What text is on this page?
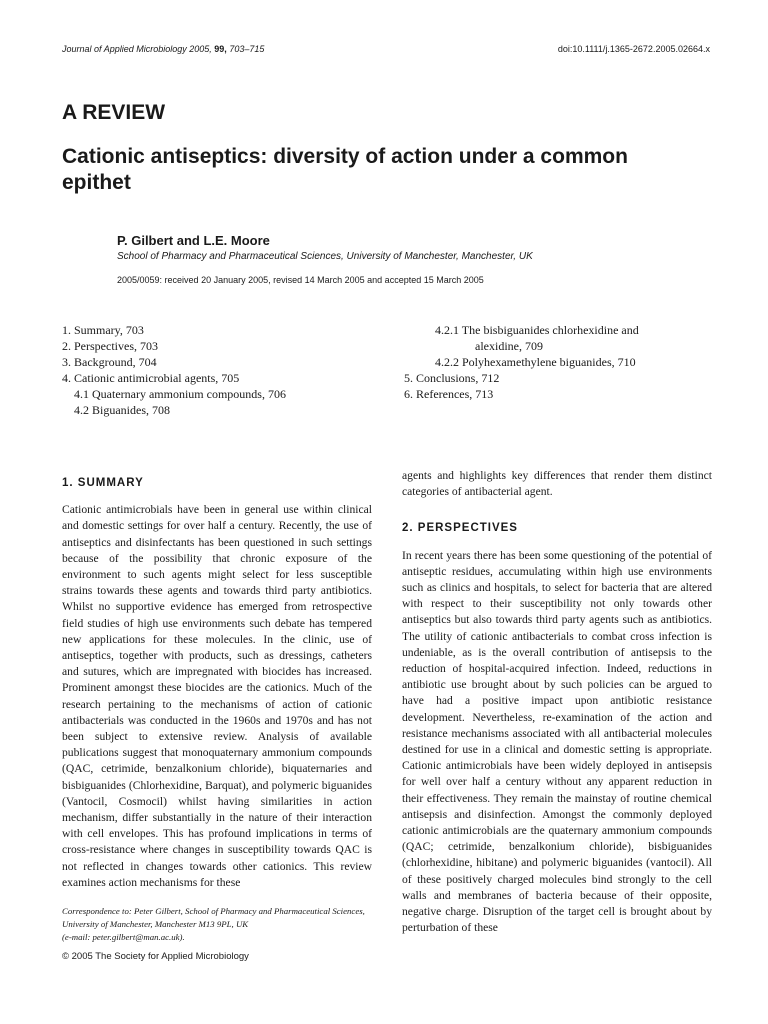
Journal of Applied Microbiology 2005, 99, 703–715	doi:10.1111/j.1365-2672.2005.02664.x
A REVIEW
Cationic antiseptics: diversity of action under a common epithet
P. Gilbert and L.E. Moore
School of Pharmacy and Pharmaceutical Sciences, University of Manchester, Manchester, UK
2005/0059: received 20 January 2005, revised 14 March 2005 and accepted 15 March 2005
1. Summary, 703
2. Perspectives, 703
3. Background, 704
4. Cationic antimicrobial agents, 705
4.1 Quaternary ammonium compounds, 706
4.2 Biguanides, 708
4.2.1 The bisbiguanides chlorhexidine and
alexidine, 709
4.2.2 Polyhexamethylene biguanides, 710
5. Conclusions, 712
6. References, 713
1. SUMMARY

Cationic antimicrobials have been in general use within clinical and domestic settings for over half a century. Recently, the use of antiseptics and disinfectants has been questioned in such settings because of the possibility that chronic exposure of the environment to such agents might select for less susceptible strains towards these agents and towards third party antibiotics. Whilst no supportive evidence has emerged from retrospective field studies of high use environments such debate has tempered new applications for these molecules. In the clinic, use of antiseptics, together with products, such as dressings, catheters and sutures, which are impregnated with biocides has increased. Prominent amongst these biocides are the cationics. Much of the research pertaining to the mechanisms of action of cationic antibacterials was conducted in the 1960s and 1970s and has not been subject to extensive review. Analysis of available publications suggest that monoquaternary ammonium compounds (QAC, cetrimide, benzalkonium chloride), biquaternaries and bisbiguanides (Chlorhexidine, Barquat), and polymeric biguanides (Vantocil, Cosmocil) whilst having similarities in action mechanism, differ substantially in the nature of their interaction with cell envelopes. This has profound implications in terms of cross-resistance where changes in susceptibility towards QAC is not reflected in changes towards other cationics. This review examines action mechanisms for these

agents and highlights key differences that render them distinct categories of antibacterial agent.

2. PERSPECTIVES

In recent years there has been some questioning of the potential of antiseptic residues, accumulating within high use environments such as clinics and hospitals, to select for bacteria that are altered with respect to their susceptibility not only towards other antiseptics but also towards third party agents such as antibiotics. The utility of cationic antibacterials to combat cross infection is undeniable, as is the overall contribution of antisepsis to the reduction of hospital-acquired infection. Indeed, reductions in antibiotic use brought about by such policies can be argued to have had a positive impact upon antibiotic resistance development. Nevertheless, re-examination of the action and resistance mechanisms associated with all antibacterial molecules destined for use in a clinical and domestic setting is appropriate. Cationic antimicrobials have been widely deployed in antisepsis for well over half a century without any apparent reduction in their effectiveness. They remain the mainstay of routine chemical antisepsis and disinfection. Amongst the commonly deployed cationic antimicrobials are the quaternary ammonium compounds (QAC; cetrimide, benzalkonium chloride), bisbiguanides (chlorhexidine, hibitane) and polymeric biguanides (vantocil). All of these positively charged molecules bind strongly to the cell walls and membranes of bacteria because of their opposite, negative charge. Disruption of the target cell is brought about by perturbation of these

Correspondence to: Peter Gilbert, School of Pharmacy and Pharmaceutical Sciences,
University of Manchester, Manchester M13 9PL, UK
(e-mail: peter.gilbert@man.ac.uk).
© 2005 The Society for Applied Microbiology
